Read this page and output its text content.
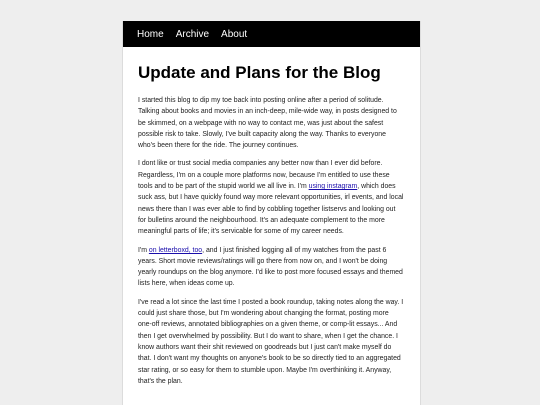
Home Archive About
Update and Plans for the Blog

I started this blog to dip my toe back into posting online after a period of solitude. Talking about books and movies in an inch-deep, mile-wide way, in posts designed to be skimmed, on a webpage with no way to contact me, was just about the safest possible risk to take. Slowly, I've built capacity along the way. Thanks to everyone who's been there for the ride. The journey continues.

I dont like or trust social media companies any better now than I ever did before. Regardless, I'm on a couple more platforms now, because I'm entitled to use these tools and to be part of the stupid world we all live in. I'm using instagram, which does suck ass, but I have quickly found way more relevant opportunities, irl events, and local news there than I was ever able to find by cobbling together listservs and looking out for bulletins around the neighbourhood. It's an adequate complement to the more meaningful parts of life; it's servicable for some of my career needs.

I'm on letterboxd, too, and I just finished logging all of my watches from the past 6 years. Short movie reviews/ratings will go there from now on, and I won't be doing yearly roundups on the blog anymore. I'd like to post more focused essays and themed lists here, when ideas come up.

I've read a lot since the last time I posted a book roundup, taking notes along the way. I could just share those, but I'm wondering about changing the format, posting more one-off reviews, annotated bibliographies on a given theme, or comp-lit essays... And then I get overwhelmed by possibility. But I do want to share, when I get the chance. I know authors want their shit reviewed on goodreads but I just can't make myself do that. I don't want my thoughts on anyone's book to be so directly tied to an aggregated star rating, or so easy for them to stumble upon. Maybe I'm overthinking it. Anyway, that's the plan.
